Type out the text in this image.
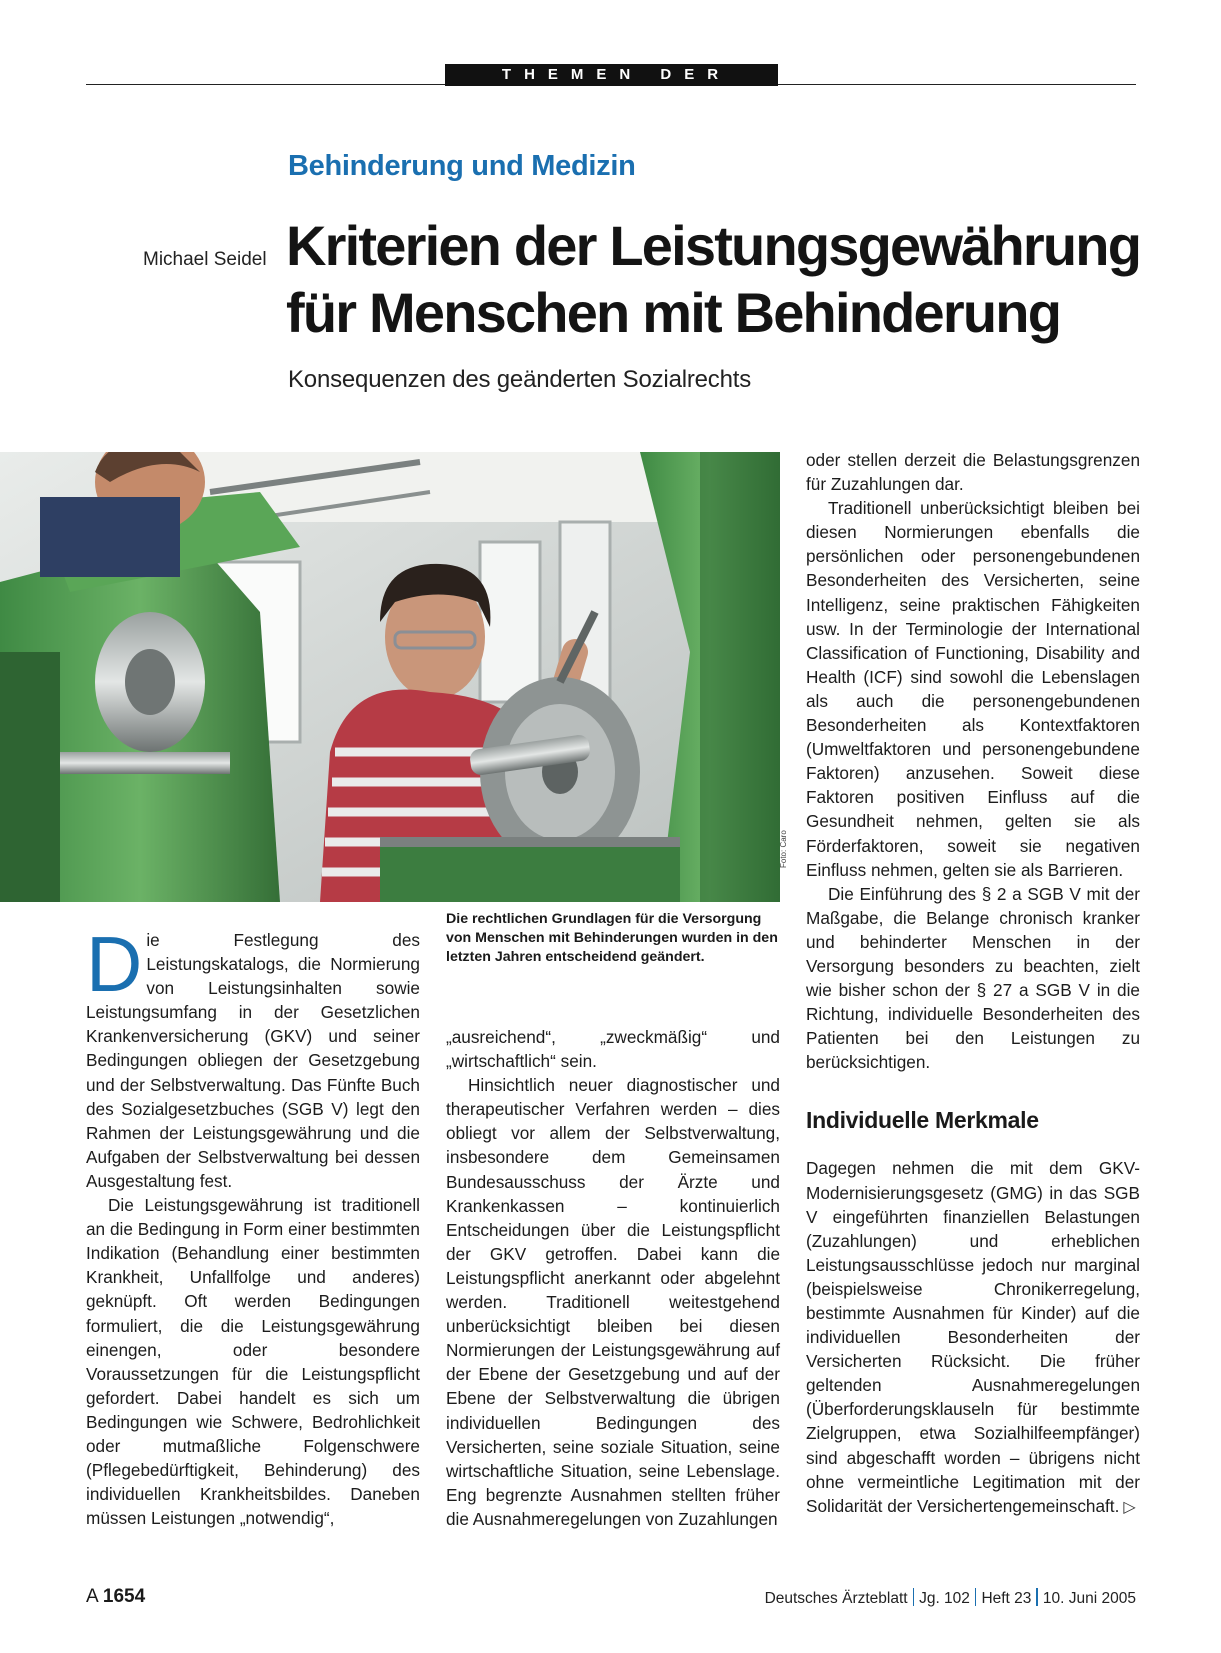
THEMEN DER ZEIT
Behinderung und Medizin
Michael Seidel Kriterien der Leistungsgewährung
für Menschen mit Behinderung
Konsequenzen des geänderten Sozialrechts
Foto: Caro
Die rechtlichen Grundlagen für die Versorgung von Menschen mit Behinderungen wurden in den letzten Jahren entscheidend geändert.

Die Festlegung des Leistungskatalogs, die Normierung von Leistungsinhalten sowie Leistungsumfang in der Gesetzlichen Krankenversicherung (GKV) und seiner Bedingungen obliegen der Gesetzgebung und der Selbstverwaltung. Das Fünfte Buch des Sozialgesetzbuches (SGB V) legt den Rahmen der Leistungsgewährung und die Aufgaben der Selbstverwaltung bei dessen Ausgestaltung fest.

Die Leistungsgewährung ist traditionell an die Bedingung in Form einer bestimmten Indikation (Behandlung einer bestimmten Krankheit, Unfallfolge und anderes) geknüpft. Oft werden Bedingungen formuliert, die die Leistungsgewährung einengen, oder besondere Voraussetzungen für die Leistungspflicht gefordert. Dabei handelt es sich um Bedingungen wie Schwere, Bedrohlichkeit oder mutmaßliche Folgenschwere (Pflegebedürftigkeit, Behinderung) des individuellen Krankheitsbildes. Daneben müssen Leistungen „notwendig“,

„ausreichend“, „zweckmäßig“ und „wirtschaftlich“ sein.

Hinsichtlich neuer diagnostischer und therapeutischer Verfahren werden – dies obliegt vor allem der Selbstverwaltung, insbesondere dem Gemeinsamen Bundesausschuss der Ärzte und Krankenkassen – kontinuierlich Entscheidungen über die Leistungspflicht der GKV getroffen. Dabei kann die Leistungspflicht anerkannt oder abgelehnt werden. Traditionell weitestgehend unberücksichtigt bleiben bei diesen Normierungen der Leistungsgewährung auf der Ebene der Gesetzgebung und auf der Ebene der Selbstverwaltung die übrigen individuellen Bedingungen des Versicherten, seine soziale Situation, seine wirtschaftliche Situation, seine Lebenslage. Eng begrenzte Ausnahmen stellten früher die Ausnahmeregelungen von Zuzahlungen

oder stellen derzeit die Belastungsgrenzen für Zuzahlungen dar.

Traditionell unberücksichtigt bleiben bei diesen Normierungen ebenfalls die persönlichen oder personengebundenen Besonderheiten des Versicherten, seine Intelligenz, seine praktischen Fähigkeiten usw. In der Terminologie der International Classification of Functioning, Disability and Health (ICF) sind sowohl die Lebenslagen als auch die personengebundenen Besonderheiten als Kontextfaktoren (Umweltfaktoren und personengebundene Faktoren) anzusehen. Soweit diese Faktoren positiven Einfluss auf die Gesundheit nehmen, gelten sie als Förderfaktoren, soweit sie negativen Einfluss nehmen, gelten sie als Barrieren.

Die Einführung des § 2 a SGB V mit der Maßgabe, die Belange chronisch kranker und behinderter Menschen in der Versorgung besonders zu beachten, zielt wie bisher schon der § 27 a SGB V in die Richtung, individuelle Besonderheiten des Patienten bei den Leistungen zu berücksichtigen.

Individuelle Merkmale

Dagegen nehmen die mit dem GKV-Modernisierungsgesetz (GMG) in das SGB V eingeführten finanziellen Belastungen (Zuzahlungen) und erheblichen Leistungsausschlüsse jedoch nur marginal (beispielsweise Chronikerregelung, bestimmte Ausnahmen für Kinder) auf die individuellen Besonderheiten der Versicherten Rücksicht. Die früher geltenden Ausnahmeregelungen (Überforderungsklauseln für bestimmte Zielgruppen, etwa Sozialhilfeempfänger) sind abgeschafft worden – übrigens nicht ohne vermeintliche Legitimation mit der Solidarität der Versichertengemeinschaft. ▷

A 1654	Deutsches Ärzteblatt Jg. 102 Heft 23 10. Juni 2005
